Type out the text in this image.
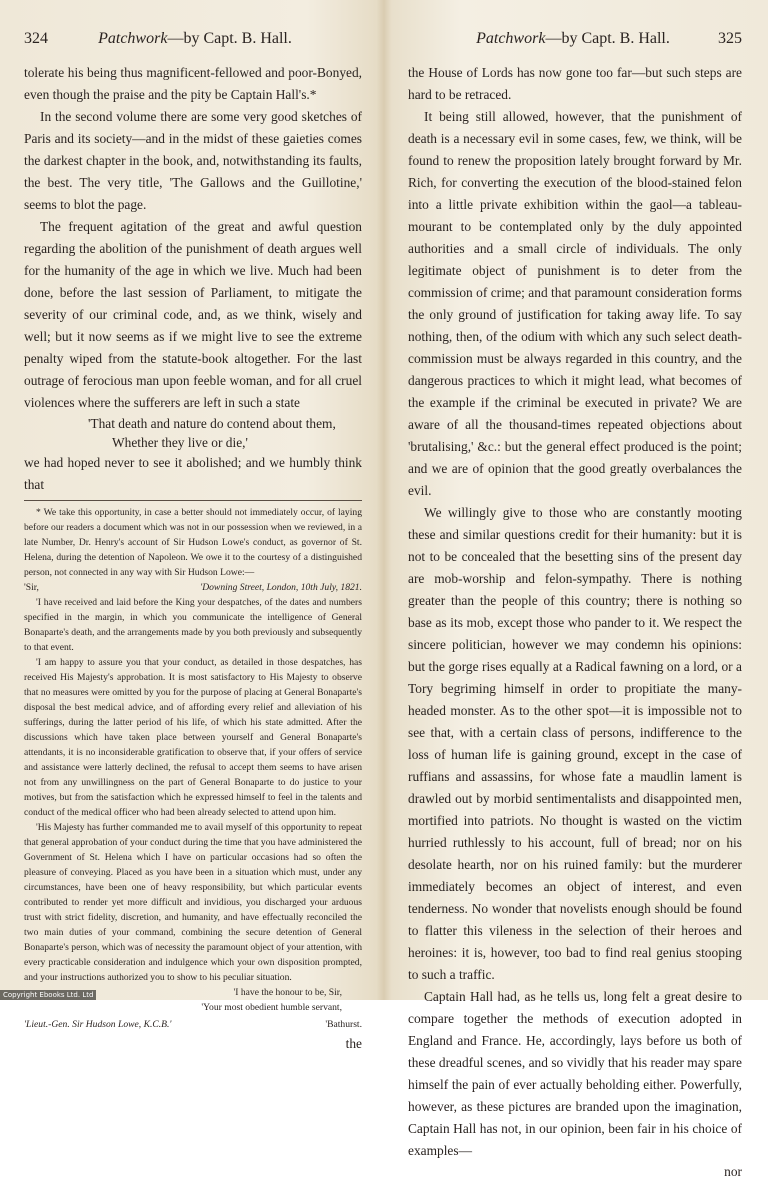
324	Patchwork—by Capt. B. Hall.

tolerate his being thus magnificent-fellowed and poor-Bonyed, even though the praise and the pity be Captain Hall's.*

In the second volume there are some very good sketches of Paris and its society—and in the midst of these gaieties comes the darkest chapter in the book, and, notwithstanding its faults, the best. The very title, 'The Gallows and the Guillotine,' seems to blot the page.

The frequent agitation of the great and awful question regarding the abolition of the punishment of death argues well for the humanity of the age in which we live. Much had been done, before the last session of Parliament, to mitigate the severity of our criminal code, and, as we think, wisely and well; but it now seems as if we might live to see the extreme penalty wiped from the statute-book altogether. For the last outrage of ferocious man upon feeble woman, and for all cruel violences where the sufferers are left in such a state

'That death and nature do contend about them,
Whether they live or die,'

we had hoped never to see it abolished; and we humbly think that

* We take this opportunity, in case a better should not immediately occur, of laying before our readers a document which was not in our possession when we reviewed, in a late Number, Dr. Henry's account of Sir Hudson Lowe's conduct, as governor of St. Helena, during the detention of Napoleon. We owe it to the courtesy of a distinguished person, not connected in any way with Sir Hudson Lowe:—

'Sir,	'Downing Street, London, 10th July, 1821.

'I have received and laid before the King your despatches, of the dates and numbers specified in the margin, in which you communicate the intelligence of General Bonaparte's death, and the arrangements made by you both previously and subsequently to that event.

'I am happy to assure you that your conduct, as detailed in those despatches, has received His Majesty's approbation. It is most satisfactory to His Majesty to observe that no measures were omitted by you for the purpose of placing at General Bonaparte's disposal the best medical advice, and of affording every relief and alleviation of his sufferings, during the latter period of his life, of which his state admitted. After the discussions which have taken place between yourself and General Bonaparte's attendants, it is no inconsiderable gratification to observe that, if your offers of service and assistance were latterly declined, the refusal to accept them seems to have arisen not from any unwillingness on the part of General Bonaparte to do justice to your motives, but from the satisfaction which he expressed himself to feel in the talents and conduct of the medical officer who had been already selected to attend upon him.

'His Majesty has further commanded me to avail myself of this opportunity to repeat that general approbation of your conduct during the time that you have administered the Government of St. Helena which I have on particular occasions had so often the pleasure of conveying. Placed as you have been in a situation which must, under any circumstances, have been one of heavy responsibility, but which particular events contributed to render yet more difficult and invidious, you discharged your arduous trust with strict fidelity, discretion, and humanity, and have effectually reconciled the two main duties of your command, combining the secure detention of General Bonaparte's person, which was of necessity the paramount object of your attention, with every practicable consideration and indulgence which your own disposition prompted, and your instructions authorized you to show to his peculiar situation.

'I have the honour to be, Sir,

'Your most obedient humble servant,

'Lieut.-Gen. Sir Hudson Lowe, K.C.B.'	'Bathurst.

the
Patchwork—by Capt. B. Hall.	325

the House of Lords has now gone too far—but such steps are hard to be retraced.

It being still allowed, however, that the punishment of death is a necessary evil in some cases, few, we think, will be found to renew the proposition lately brought forward by Mr. Rich, for converting the execution of the blood-stained felon into a little private exhibition within the gaol—a tableau-mourant to be contemplated only by the duly appointed authorities and a small circle of individuals. The only legitimate object of punishment is to deter from the commission of crime; and that paramount consideration forms the only ground of justification for taking away life. To say nothing, then, of the odium with which any such select death-commission must be always regarded in this country, and the dangerous practices to which it might lead, what becomes of the example if the criminal be executed in private? We are aware of all the thousand-times repeated objections about 'brutalising,' &c.: but the general effect produced is the point; and we are of opinion that the good greatly overbalances the evil.

We willingly give to those who are constantly mooting these and similar questions credit for their humanity: but it is not to be concealed that the besetting sins of the present day are mob-worship and felon-sympathy. There is nothing greater than the people of this country; there is nothing so base as its mob, except those who pander to it. We respect the sincere politician, however we may condemn his opinions: but the gorge rises equally at a Radical fawning on a lord, or a Tory begriming himself in order to propitiate the many-headed monster. As to the other spot—it is impossible not to see that, with a certain class of persons, indifference to the loss of human life is gaining ground, except in the case of ruffians and assassins, for whose fate a maudlin lament is drawled out by morbid sentimentalists and disappointed men, mortified into patriots. No thought is wasted on the victim hurried ruthlessly to his account, full of bread; nor on his desolate hearth, nor on his ruined family: but the murderer immediately becomes an object of interest, and even tenderness. No wonder that novelists enough should be found to flatter this vileness in the selection of their heroes and heroines: it is, however, too bad to find real genius stooping to such a traffic.

Captain Hall had, as he tells us, long felt a great desire to compare together the methods of execution adopted in England and France. He, accordingly, lays before us both of these dreadful scenes, and so vividly that his reader may spare himself the pain of ever actually beholding either. Powerfully, however, as these pictures are branded upon the imagination, Captain Hall has not, in our opinion, been fair in his choice of examples—

nor
Copyright Ebooks Ltd. Ltd
